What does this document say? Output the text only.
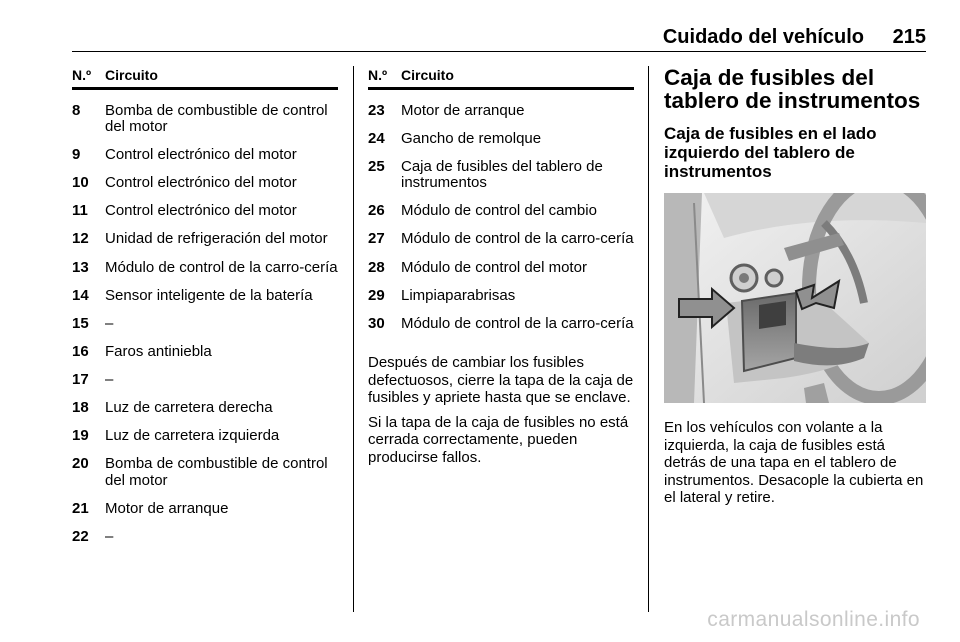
Cuidado del vehículo 215
N.º Circuito
8	Bomba de combustible de control del motor
9	Control electrónico del motor
10	Control electrónico del motor
11	Control electrónico del motor
12	Unidad de refrigeración del motor
13	Módulo de control de la carro-cería
14	Sensor inteligente de la batería
15	–
16	Faros antiniebla
17	–
18	Luz de carretera derecha
19	Luz de carretera izquierda
20	Bomba de combustible de control del motor
21	Motor de arranque
22	–
N.º Circuito
23	Motor de arranque
24	Gancho de remolque
25	Caja de fusibles del tablero de instrumentos
26	Módulo de control del cambio
27	Módulo de control de la carro-cería
28	Módulo de control del motor
29	Limpiaparabrisas
30	Módulo de control de la carro-cería

Después de cambiar los fusibles defectuosos, cierre la tapa de la caja de fusibles y apriete hasta que se enclave.

Si la tapa de la caja de fusibles no está cerrada correctamente, pueden producirse fallos.

Caja de fusibles del tablero de instrumentos
Caja de fusibles en el lado izquierdo del tablero de instrumentos

En los vehículos con volante a la izquierda, la caja de fusibles está detrás de una tapa en el tablero de instrumentos. Desacople la cubierta en el lateral y retire.

carmanualsonline.info
